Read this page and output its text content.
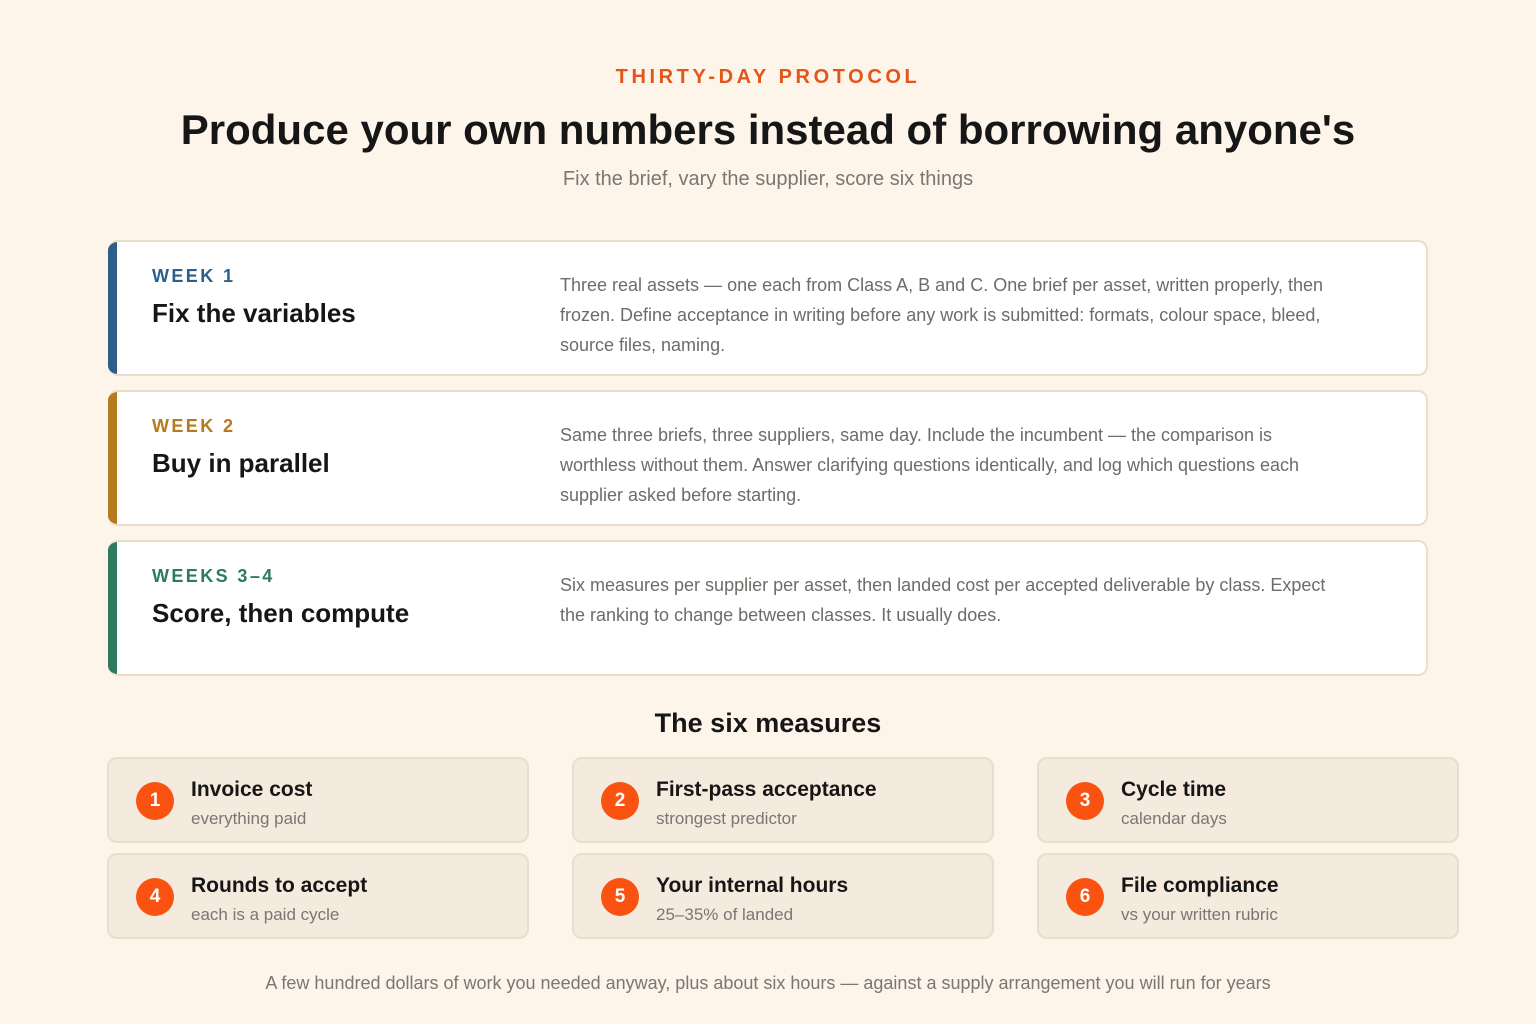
THIRTY-DAY PROTOCOL
Produce your own numbers instead of borrowing anyone's
Fix the brief, vary the supplier, score six things
WEEK 1
Fix the variables
Three real assets — one each from Class A, B and C. One brief per asset, written properly, then frozen. Define acceptance in writing before any work is submitted: formats, colour space, bleed, source files, naming.
WEEK 2
Buy in parallel
Same three briefs, three suppliers, same day. Include the incumbent — the comparison is worthless without them. Answer clarifying questions identically, and log which questions each supplier asked before starting.
WEEKS 3–4
Score, then compute
Six measures per supplier per asset, then landed cost per accepted deliverable by class. Expect the ranking to change between classes. It usually does.
The six measures
1	Invoice cost
everything paid
2	First-pass acceptance
strongest predictor
3	Cycle time
calendar days
4	Rounds to accept
each is a paid cycle
5	Your internal hours
25–35% of landed
6	File compliance
vs your written rubric
A few hundred dollars of work you needed anyway, plus about six hours — against a supply arrangement you will run for years
